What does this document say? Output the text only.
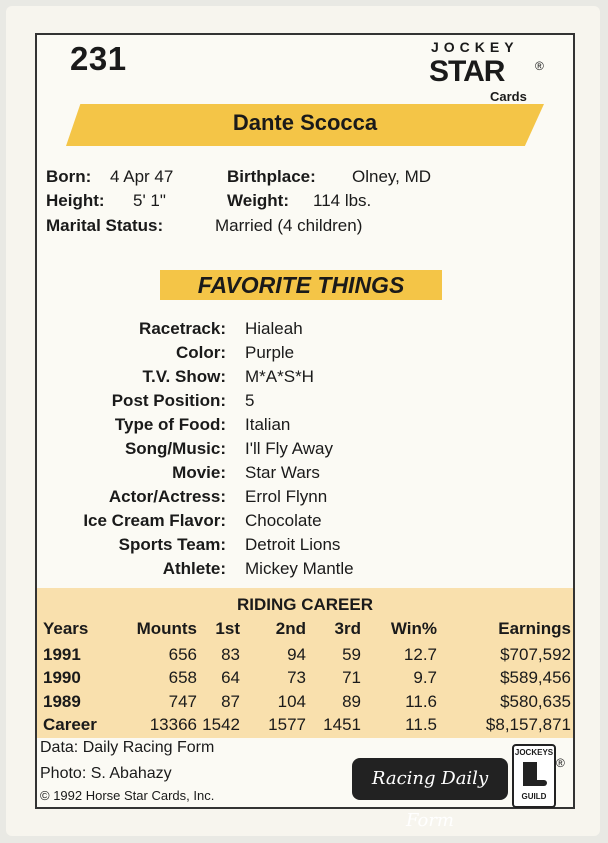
231	JOCKEY
STAR	®
Cards
Dante Scocca
Born: 4 Apr 47	Birthplace: Olney, MD
Height: 5' 1"	Weight: 114 lbs.
Marital Status:	Married (4 children)
FAVORITE THINGS
Racetrack: Hialeah
Color: Purple
T.V. Show: M*A*S*H
Post Position: 5
Type of Food: Italian
Song/Music: I'll Fly Away
Movie: Star Wars
Actor/Actress: Errol Flynn
Ice Cream Flavor: Chocolate
Sports Team: Detroit Lions
Athlete: Mickey Mantle
RIDING CAREER
Years	Mounts 1st 2nd 3rd Win%	Earnings
1991	656 83	94 59	12.7	$707,592
1990	658 64	73 71	9.7	$589,456
1989	747 87 104 89	11.6	$580,635
Career	13366 1542 1577 1451	11.5	$8,157,871
Data: Daily Racing Form
Photo: S. Abahazy
© 1992 Horse Star Cards, Inc.
Racing Daily Form
JOCKEYS
GUILD
®
